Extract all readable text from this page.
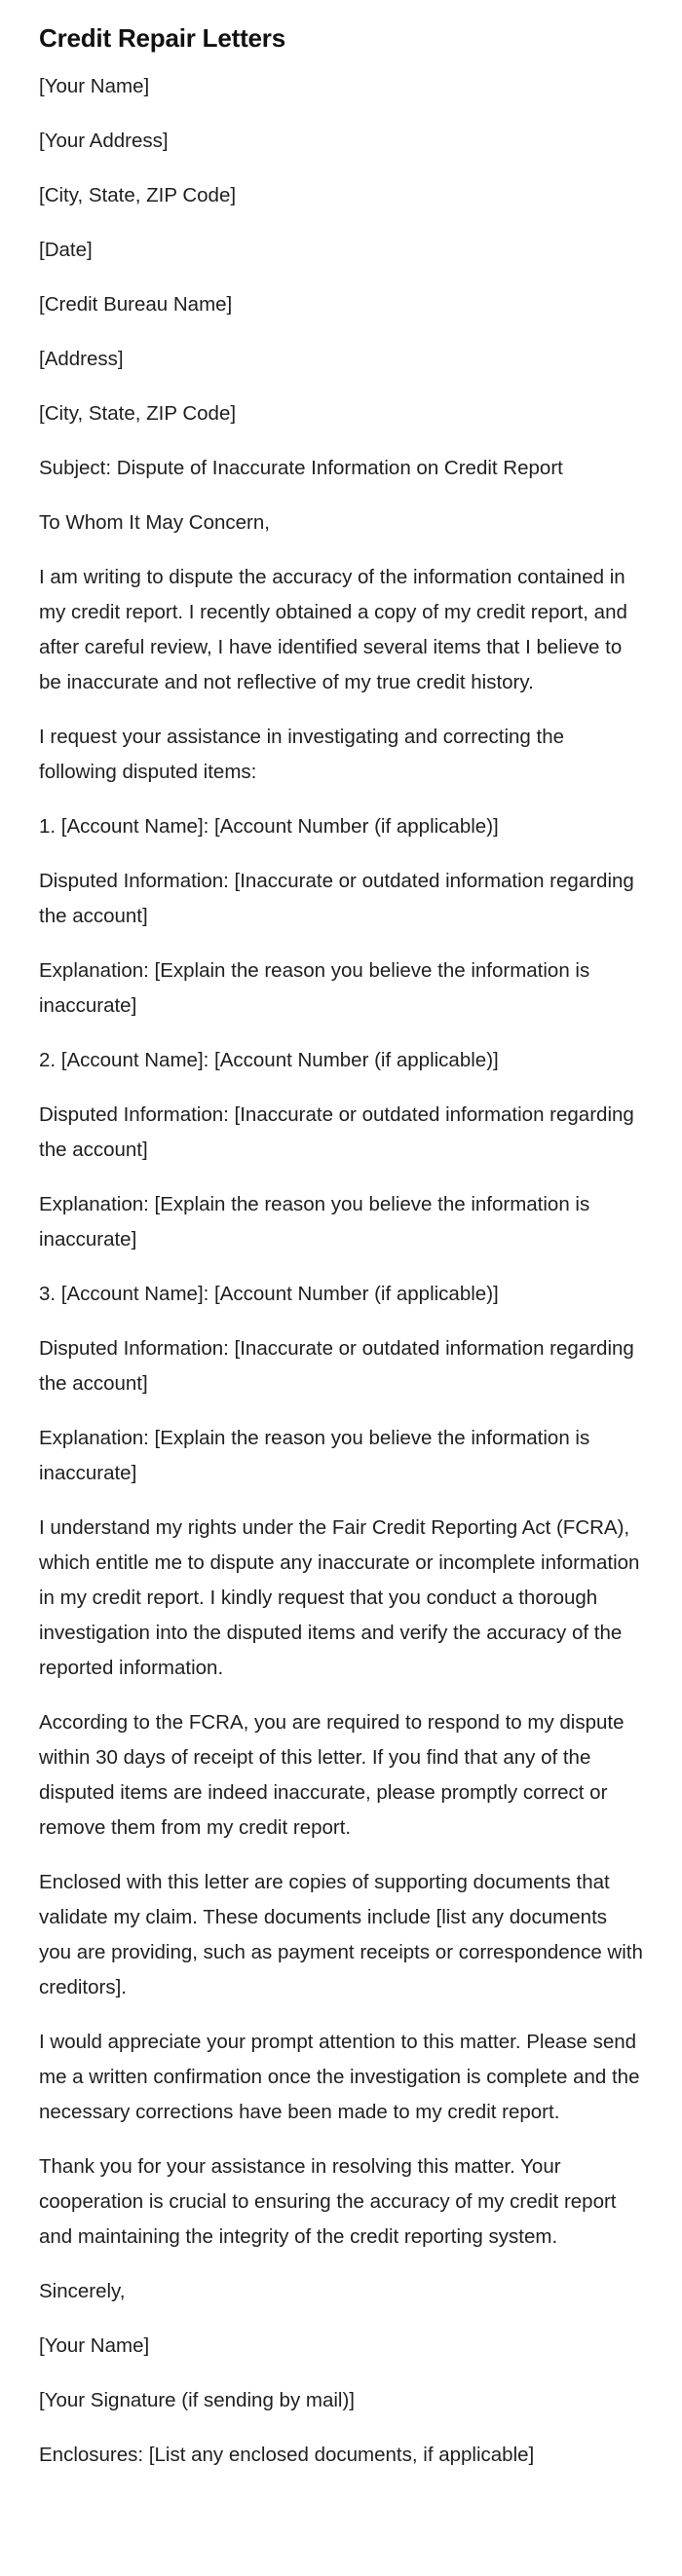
Credit Repair Letters

[Your Name]

[Your Address]

[City, State, ZIP Code]

[Date]

[Credit Bureau Name]

[Address]

[City, State, ZIP Code]

Subject: Dispute of Inaccurate Information on Credit Report

To Whom It May Concern,

I am writing to dispute the accuracy of the information contained in my credit report. I recently obtained a copy of my credit report, and after careful review, I have identified several items that I believe to be inaccurate and not reflective of my true credit history.

I request your assistance in investigating and correcting the following disputed items:

1. [Account Name]: [Account Number (if applicable)]

Disputed Information: [Inaccurate or outdated information regarding the account]

Explanation: [Explain the reason you believe the information is inaccurate]

2. [Account Name]: [Account Number (if applicable)]

Disputed Information: [Inaccurate or outdated information regarding the account]

Explanation: [Explain the reason you believe the information is inaccurate]

3. [Account Name]: [Account Number (if applicable)]

Disputed Information: [Inaccurate or outdated information regarding the account]

Explanation: [Explain the reason you believe the information is inaccurate]

I understand my rights under the Fair Credit Reporting Act (FCRA), which entitle me to dispute any inaccurate or incomplete information in my credit report. I kindly request that you conduct a thorough investigation into the disputed items and verify the accuracy of the reported information.

According to the FCRA, you are required to respond to my dispute within 30 days of receipt of this letter. If you find that any of the disputed items are indeed inaccurate, please promptly correct or remove them from my credit report.

Enclosed with this letter are copies of supporting documents that validate my claim. These documents include [list any documents you are providing, such as payment receipts or correspondence with creditors].

I would appreciate your prompt attention to this matter. Please send me a written confirmation once the investigation is complete and the necessary corrections have been made to my credit report.

Thank you for your assistance in resolving this matter. Your cooperation is crucial to ensuring the accuracy of my credit report and maintaining the integrity of the credit reporting system.

Sincerely,

[Your Name]

[Your Signature (if sending by mail)]

Enclosures: [List any enclosed documents, if applicable]
